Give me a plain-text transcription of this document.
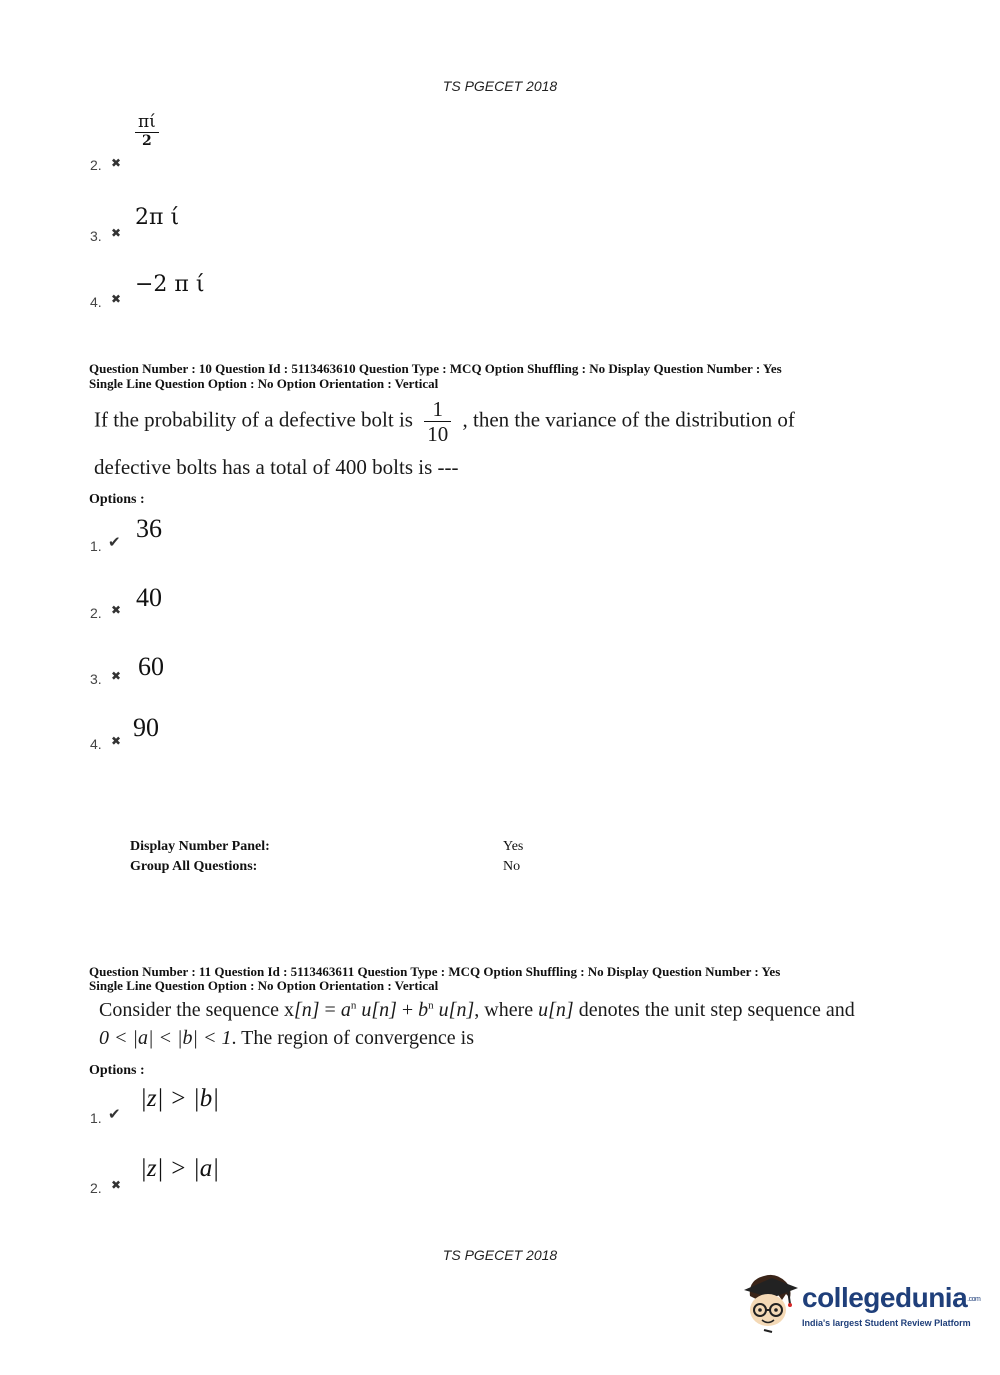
TS PGECET 2018
2. ✖
$\frac{\pi ί}{2}$
3. ✖
2π ί
4. ✖
−2 π ί
Question Number : 10 Question Id : 5113463610 Question Type : MCQ Option Shuffling : No Display Question Number : Yes
Single Line Question Option : No Option Orientation : Vertical
If the probability of a defective bolt is $\frac{1}{10}$ , then the variance of the distribution of
defective bolts has a total of 400 bolts is ---
Options :
1. ✔ 36
2. ✖ 40
3. ✖ 60
4. ✖ 90
Display Number Panel:	Yes
Group All Questions:	No
Question Number : 11 Question Id : 5113463611 Question Type : MCQ Option Shuffling : No Display Question Number : Yes
Single Line Question Option : No Option Orientation : Vertical
Consider the sequence $x[n] = a^n$ $u[n] + b^n$ u[n], where u[n] denotes the unit step sequence and
0 < |a| < |b| < 1. The region of convergence is
Options :
1. ✔
|z| > |b|
2. ✖
|z| > |a|
TS PGECET 2018
collegedunia.com
India's largest Student Review Platform
